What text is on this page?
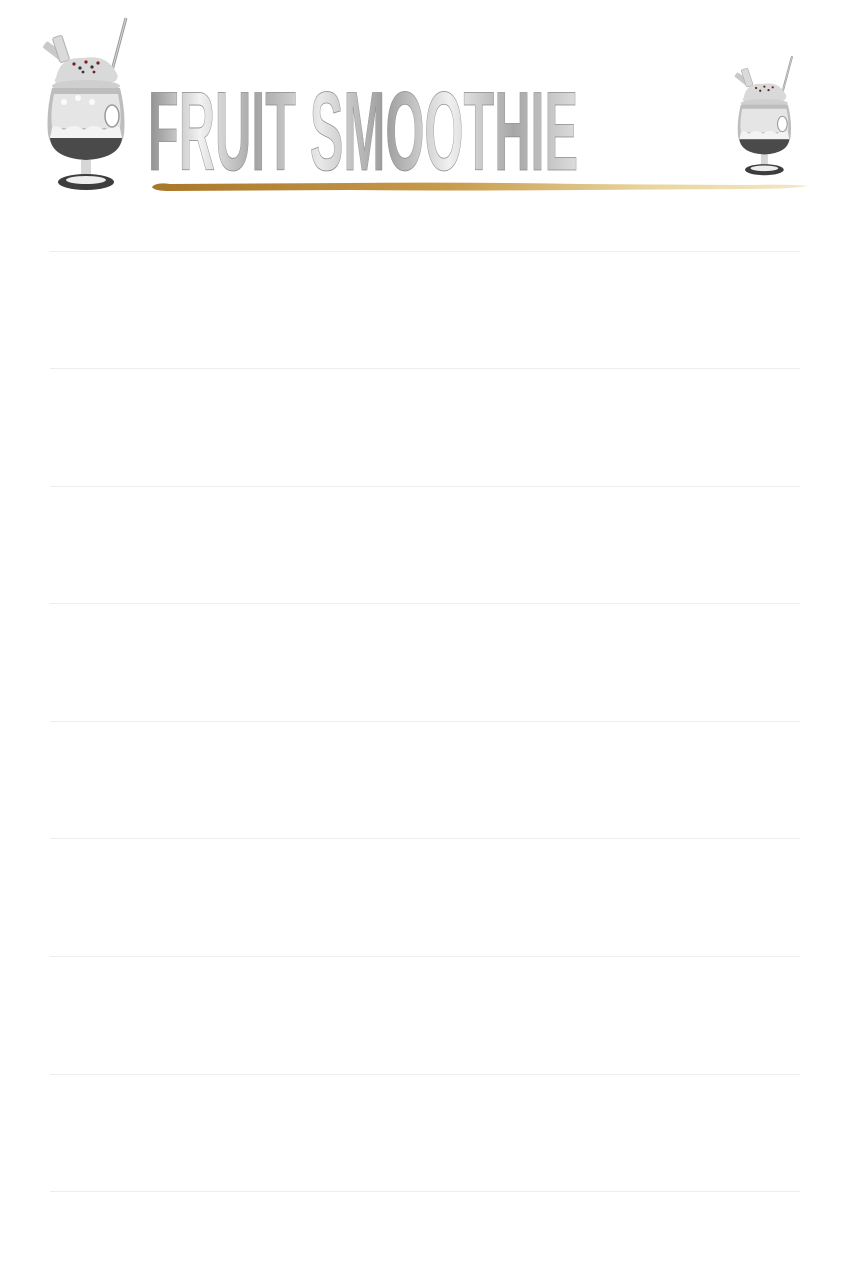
FRUIT SMOOTHIE
